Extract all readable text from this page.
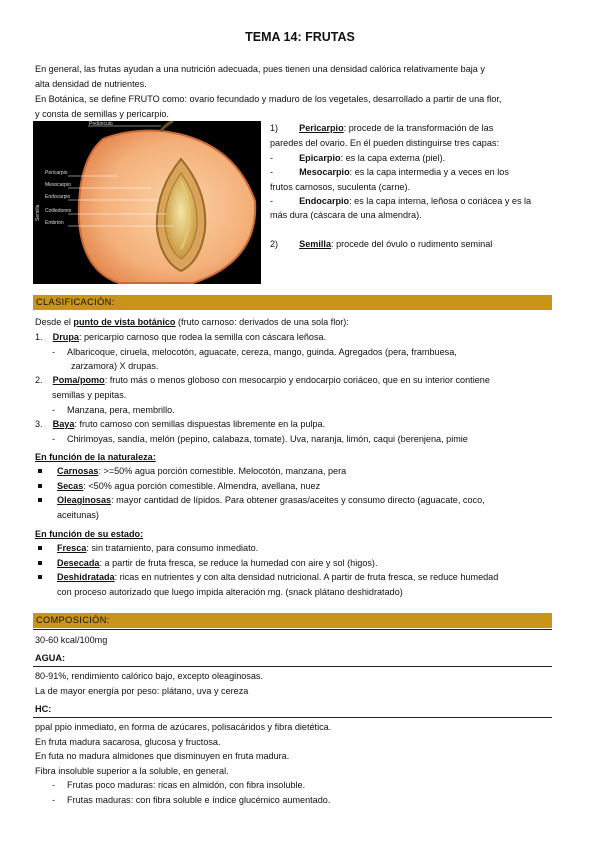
TEMA 14: FRUTAS
En general, las frutas ayudan a una nutrición adecuada, pues tienen una densidad calórica relativamente baja y
alta densidad de nutrientes.
En Botánica, se define FRUTO como: ovario fecundado y maduro de los vegetales, desarrollado a partir de una flor,
y consta de semillas y pericarpio.
Pedúnculo
Pericarpio
Mesocarpio
Endocarpio
Cotiledones
Embrión
Semilla
1) Pericarpio: procede de la transformación de las
paredes del ovario. En él pueden distinguirse tres capas:
-	Epicarpio: es la capa externa (piel).
-	Mesocarpio: es la capa intermedia y a veces en los
frutos carnosos, suculenta (carne).
-	Endocarpio: es la capa interna, leñosa o coriácea y es la
más dura (cáscara de una almendra).
2) Semilla: procede del óvulo o rudimento seminal
CLASIFICACIÓN:
Desde el punto de vista botánico (fruto carnoso: derivados de una sola flor):
1. Drupa: pericarpio carnoso que rodea la semilla con cáscara leñosa.
- Albaricoque, ciruela, melocotón, aguacate, cereza, mango, guinda. Agregados (pera, frambuesa,
zarzamora) X drupas.
2. Poma/pomo: fruto más o menos globoso con mesocarpio y endocarpio coriáceo, que en su interior contiene
semillas y pepitas.
- Manzana, pera, membrillo.
3. Baya: fruto camoso con semillas dispuestas libremente en la pulpa.
- Chirimoyas, sandía, melón (pepino, calabaza, tomate). Uva, naranja, limón, caqui (berenjena, pimie
En función de la naturaleza:
Carnosas: >=50% agua porción comestible. Melocotón, manzana, pera
Secas: <50% agua porción comestible. Almendra, avellana, nuez
Oleaginosas: mayor cantidad de lípidos. Para obtener grasas/aceites y consumo directo (aguacate, coco,
aceitunas)
En función de su estado:
Fresca: sin tratamiento, para consumo inmediato.
Desecada: a partir de fruta fresca, se reduce la humedad con aire y sol (higos).
Deshidratada: ricas en nutrientes y con alta densidad nutricional. A partir de fruta fresca, se reduce humedad
con proceso autorizado que luego impida alteración mg. (snack plátano deshidratado)
COMPOSICIÓN:
30-60 kcal/100mg
AGUA:
80-91%, rendimiento calórico bajo, excepto oleaginosas.
La de mayor energía por peso: plátano, uva y cereza
HC:
ppal ppio inmediato, en forma de azúcares, polisacáridos y fibra dietética.
En fruta madura sacarosa, glucosa y fructosa.
En futa no madura almidones que disminuyen en fruta madura.
Fibra insoluble superior a la soluble, en general.
- Frutas poco maduras: ricas en almidón, con fibra insoluble.
- Frutas maduras: con fibra soluble e índice glucémico aumentado.
